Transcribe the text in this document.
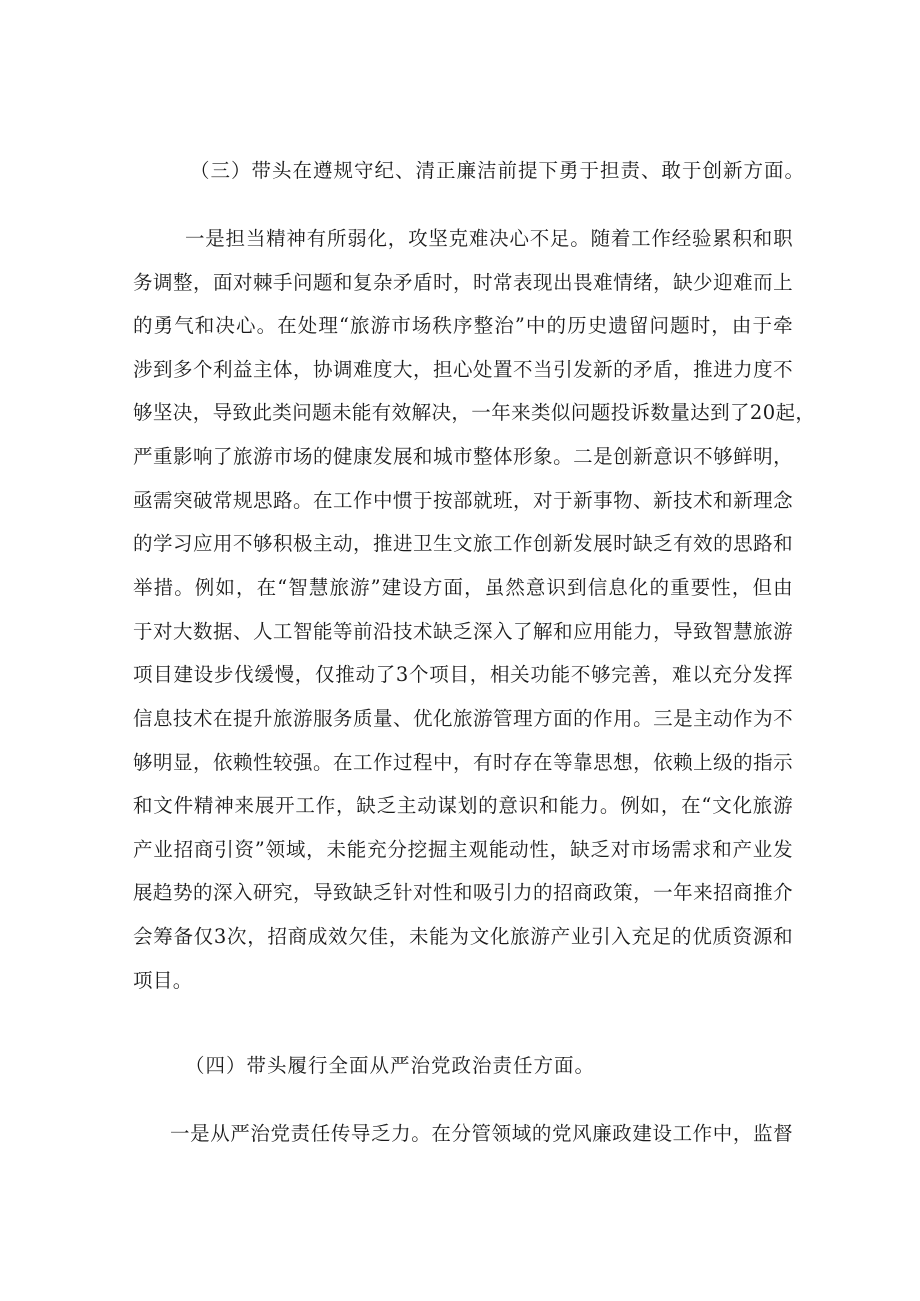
（三）带头在遵规守纪、清正廉洁前提下勇于担责、敢于创新方面。
一是担当精神有所弱化，攻坚克难决心不足。随着工作经验累积和职
务调整，面对棘手问题和复杂矛盾时，时常表现出畏难情绪，缺少迎难而上
的勇气和决心。在处理“旅游市场秩序整治”中的历史遗留问题时，由于牵
涉到多个利益主体，协调难度大，担心处置不当引发新的矛盾，推进力度不
够坚决，导致此类问题未能有效解决，一年来类似问题投诉数量达到了20起，
严重影响了旅游市场的健康发展和城市整体形象。二是创新意识不够鲜明，
亟需突破常规思路。在工作中惯于按部就班，对于新事物、新技术和新理念
的学习应用不够积极主动，推进卫生文旅工作创新发展时缺乏有效的思路和
举措。例如，在“智慧旅游”建设方面，虽然意识到信息化的重要性，但由
于对大数据、人工智能等前沿技术缺乏深入了解和应用能力，导致智慧旅游
项目建设步伐缓慢，仅推动了3个项目，相关功能不够完善，难以充分发挥
信息技术在提升旅游服务质量、优化旅游管理方面的作用。三是主动作为不
够明显，依赖性较强。在工作过程中，有时存在等靠思想，依赖上级的指示
和文件精神来展开工作，缺乏主动谋划的意识和能力。例如，在“文化旅游
产业招商引资”领域，未能充分挖掘主观能动性，缺乏对市场需求和产业发
展趋势的深入研究，导致缺乏针对性和吸引力的招商政策，一年来招商推介
会筹备仅3次，招商成效欠佳，未能为文化旅游产业引入充足的优质资源和
项目。
（四）带头履行全面从严治党政治责任方面。
一是从严治党责任传导乏力。在分管领域的党风廉政建设工作中，监督
